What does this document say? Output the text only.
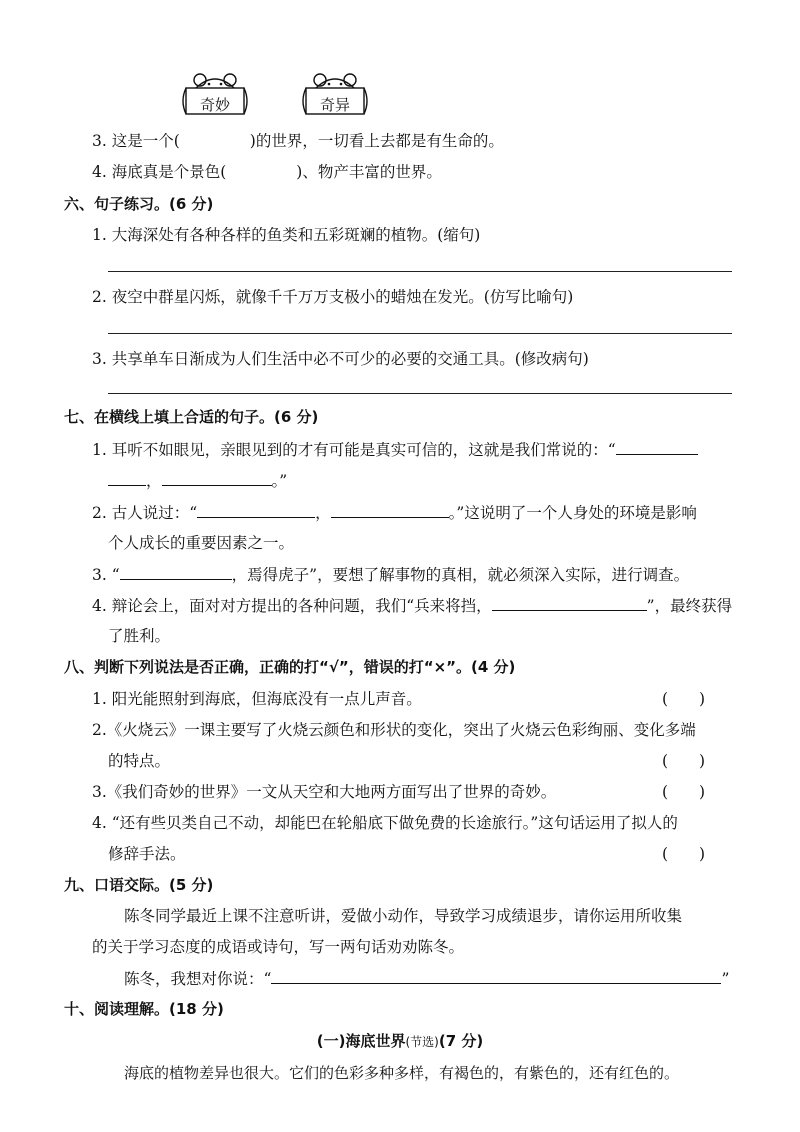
奇妙	奇异
3. 这是一个(	)的世界，一切看上去都是有生命的。
4. 海底真是个景色(	)、物产丰富的世界。
六、句子练习。(6 分)
1. 大海深处有各种各样的鱼类和五彩斑斓的植物。(缩句)
2. 夜空中群星闪烁，就像千千万万支极小的蜡烛在发光。(仿写比喻句)
3. 共享单车日渐成为人们生活中必不可少的必要的交通工具。(修改病句)
七、在横线上填上合适的句子。(6 分)
1. 耳听不如眼见，亲眼见到的才有可能是真实可信的，这就是我们常说的：“
，	。”
2. 古人说过：“	，	。”这说明了一个人身处的环境是影响
个人成长的重要因素之一。
3. “	，焉得虎子”，要想了解事物的真相，就必须深入实际，进行调查。
4. 辩论会上，面对对方提出的各种问题，我们“兵来将挡，	”，最终获得
了胜利。
八、判断下列说法是否正确，正确的打“√”，错误的打“×”。(4 分)
1. 阳光能照射到海底，但海底没有一点儿声音。	(　　)
2.《火烧云》一课主要写了火烧云颜色和形状的变化，突出了火烧云色彩绚丽、变化多端
的特点。	(　　)
3.《我们奇妙的世界》一文从天空和大地两方面写出了世界的奇妙。	(　　)
4. “还有些贝类自己不动，却能巴在轮船底下做免费的长途旅行。”这句话运用了拟人的
修辞手法。	(　　)
九、口语交际。(5 分)
陈冬同学最近上课不注意听讲，爱做小动作，导致学习成绩退步，请你运用所收集
的关于学习态度的成语或诗句，写一两句话劝劝陈冬。
陈冬，我想对你说：“	”
十、阅读理解。(18 分)
(一)海底世界(节选)(7 分)
海底的植物差异也很大。它们的色彩多种多样，有褐色的，有紫色的，还有红色的。
